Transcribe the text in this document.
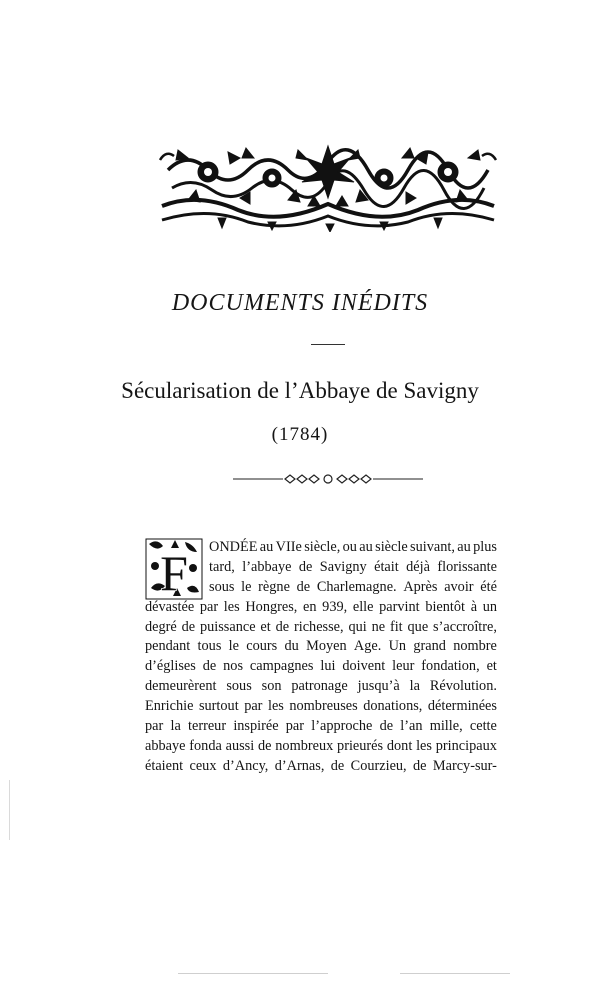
DOCUMENTS INÉDITS
Sécularisation de l’Abbaye de Savigny
(1784)
F ONDÉE au VIIe siècle, ou au siècle suivant, au plus
tard, l’abbaye de Savigny était déjà florissante
sous le règne de Charlemagne. Après avoir été
dévastée par les Hongres, en 939, elle parvint bientôt à un
degré de puissance et de richesse, qui ne fit que s’accroître,
pendant tous le cours du Moyen Age. Un grand nombre
d’églises de nos campagnes lui doivent leur fondation, et
demeurèrent sous son patronage jusqu’à la Révolution.
Enrichie surtout par les nombreuses donations, déterminées
par la terreur inspirée par l’approche de l’an mille, cette
abbaye fonda aussi de nombreux prieurés dont les principaux
étaient ceux d’Ancy, d’Arnas, de Courzieu, de Marcy-sur-
